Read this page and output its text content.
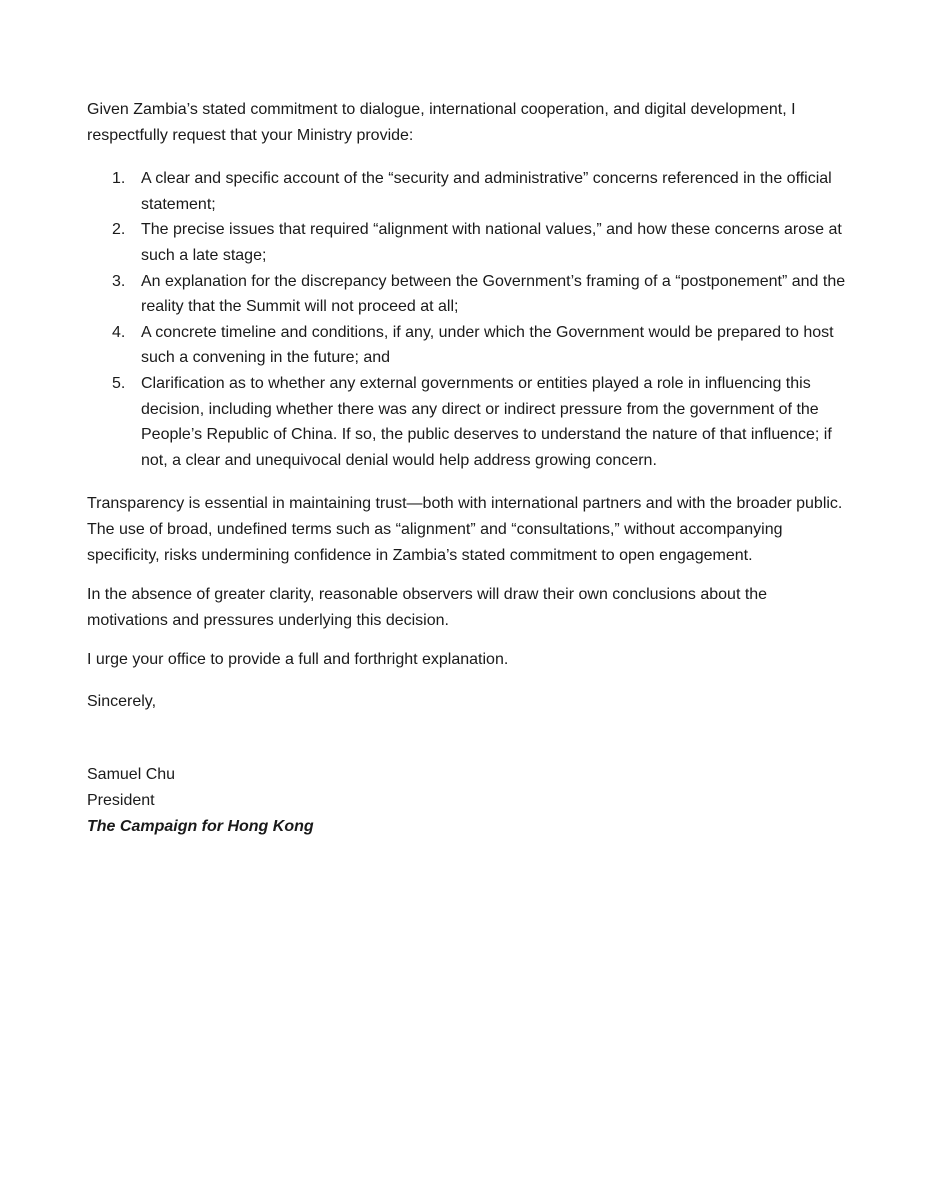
Given Zambia’s stated commitment to dialogue, international cooperation, and digital development, I respectfully request that your Ministry provide:

1. A clear and specific account of the “security and administrative” concerns referenced in the official statement;
2. The precise issues that required “alignment with national values,” and how these concerns arose at such a late stage;
3. An explanation for the discrepancy between the Government’s framing of a “postponement” and the reality that the Summit will not proceed at all;
4. A concrete timeline and conditions, if any, under which the Government would be prepared to host such a convening in the future; and
5. Clarification as to whether any external governments or entities played a role in influencing this decision, including whether there was any direct or indirect pressure from the government of the People’s Republic of China. If so, the public deserves to understand the nature of that influence; if not, a clear and unequivocal denial would help address growing concern.

Transparency is essential in maintaining trust—both with international partners and with the broader public. The use of broad, undefined terms such as “alignment” and “consultations,” without accompanying specificity, risks undermining confidence in Zambia’s stated commitment to open engagement.

In the absence of greater clarity, reasonable observers will draw their own conclusions about the motivations and pressures underlying this decision.

I urge your office to provide a full and forthright explanation.

Sincerely,

Samuel Chu
President
The Campaign for Hong Kong
